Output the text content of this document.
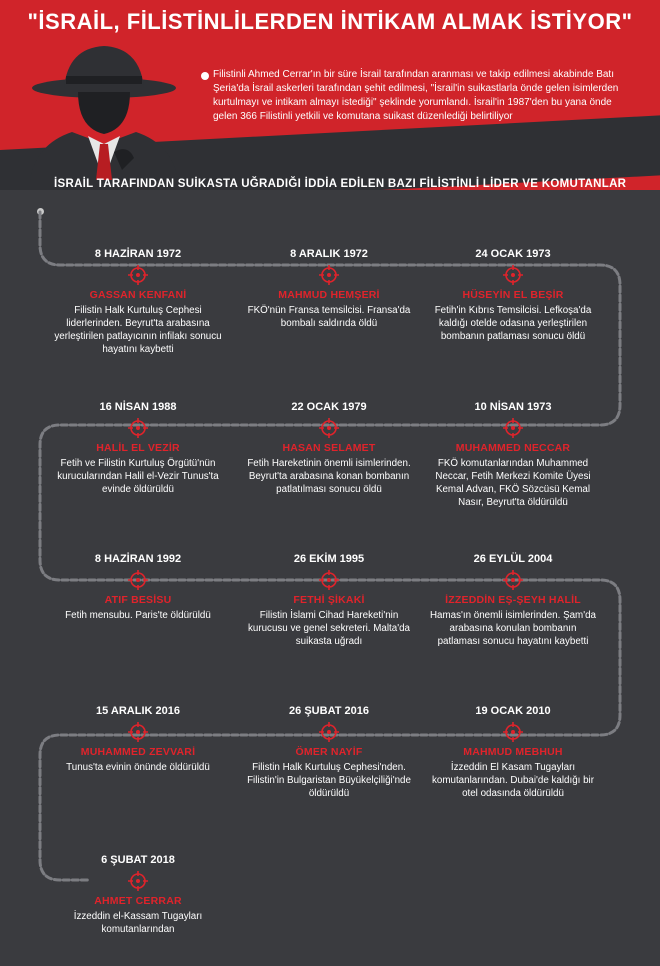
"İSRAİL, FİLİSTİNLİLERDEN İNTİKAM ALMAK İSTİYOR"
Filistinli Ahmed Cerrar'ın bir süre İsrail tarafından aranması ve takip edilmesi akabinde Batı Şeria'da İsrail askerleri tarafından şehit edilmesi, "İsrail'in suikastlarla önde gelen isimlerden kurtulmayı ve intikam almayı istediği" şeklinde yorumlandı. İsrail'in 1987'den bu yana önde gelen 366 Filistinli yetkili ve komutana suikast düzenlediği belirtiliyor
İSRAİL TARAFINDAN SUİKASTA UĞRADIĞI İDDİA EDİLEN BAZI FİLİSTİNLİ LİDER VE KOMUTANLAR
8 HAZİRAN 1972
GASSAN KENFANİ
Filistin Halk Kurtuluş Cephesi liderlerinden. Beyrut'ta arabasına yerleştirilen patlayıcının infilakı sonucu hayatını kaybetti
8 ARALIK 1972
MAHMUD HEMŞERİ
FKÖ'nün Fransa temsilcisi. Fransa'da bombalı saldırıda öldü
24 OCAK 1973
HÜSEYİN EL BEŞİR
Fetih'in Kıbrıs Temsilcisi. Lefkoşa'da kaldığı otelde odasına yerleştirilen bombanın patlaması sonucu öldü
16 NİSAN 1988
HALİL EL VEZİR
Fetih ve Filistin Kurtuluş Örgütü'nün kurucularından Halil el-Vezir Tunus'ta evinde öldürüldü
22 OCAK 1979
HASAN SELAMET
Fetih Hareketinin önemli isimlerinden. Beyrut'ta arabasına konan bombanın patlatılması sonucu öldü
10 NİSAN 1973
MUHAMMED NECCAR
FKÖ komutanlarından Muhammed Neccar, Fetih Merkezi Komite Üyesi Kemal Advan, FKÖ Sözcüsü Kemal Nasır, Beyrut'ta öldürüldü
8 HAZİRAN 1992
ATIF BESİSU
Fetih mensubu. Paris'te öldürüldü
26 EKİM 1995
FETHİ ŞİKAKİ
Filistin İslami Cihad Hareketi'nin kurucusu ve genel sekreteri. Malta'da suikasta uğradı
26 EYLÜL 2004
İZZEDDİN EŞ-ŞEYH HALİL
Hamas'ın önemli isimlerinden. Şam'da arabasına konulan bombanın patlaması sonucu hayatını kaybetti
15 ARALIK 2016
MUHAMMED ZEVVARİ
Tunus'ta evinin önünde öldürüldü
26 ŞUBAT 2016
ÖMER NAYİF
Filistin Halk Kurtuluş Cephesi'nden. Filistin'in Bulgaristan Büyükelçiliği'nde öldürüldü
19 OCAK 2010
MAHMUD MEBHUH
İzzeddin El Kasam Tugayları komutanlarından. Dubai'de kaldığı bir otel odasında öldürüldü
6 ŞUBAT 2018
AHMET CERRAR
İzzeddin el-Kassam Tugayları komutanlarından
